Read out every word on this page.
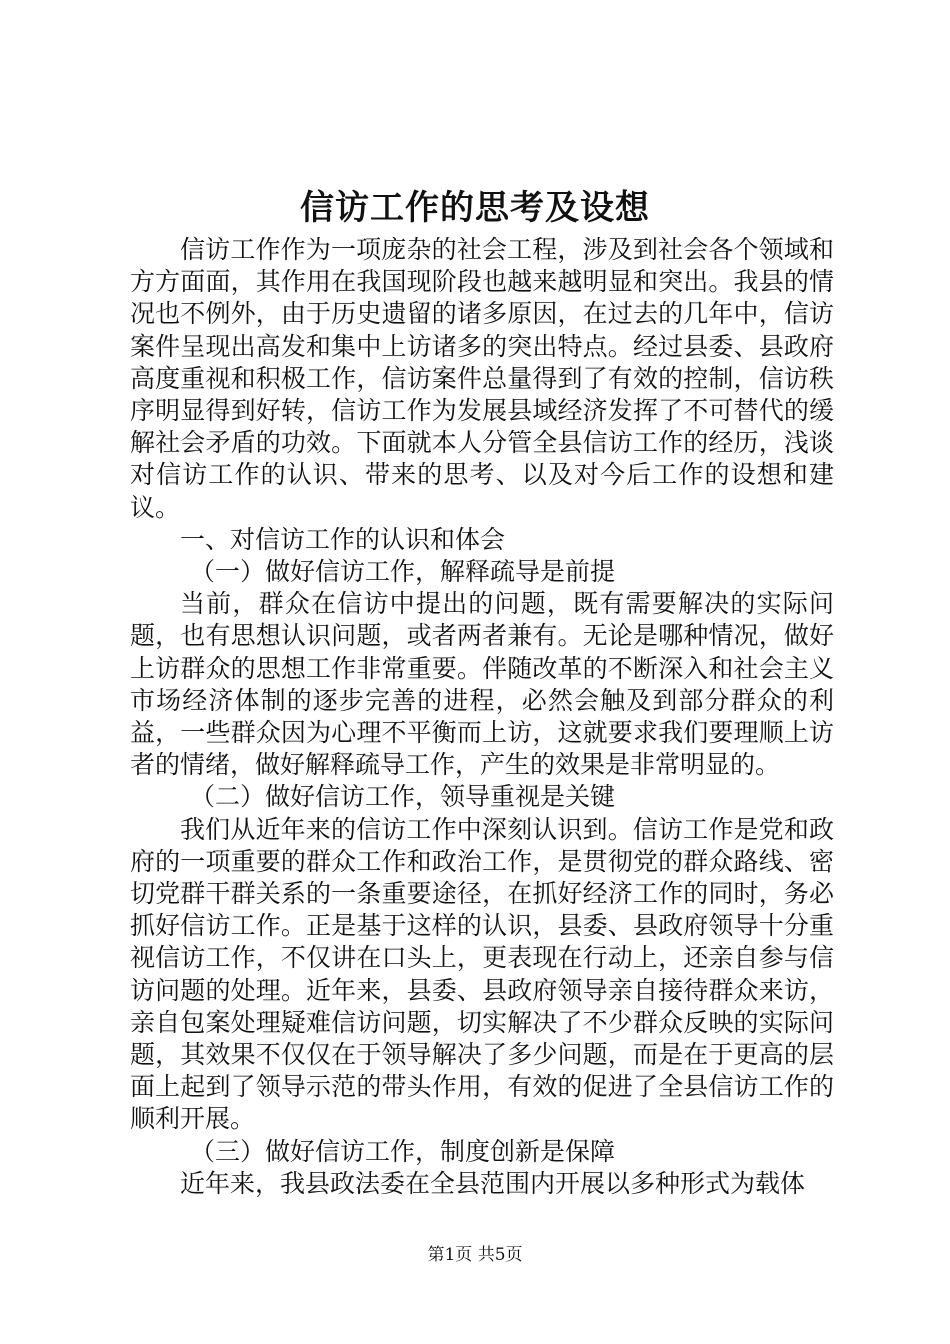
信访工作的思考及设想

信访工作作为一项庞杂的社会工程，涉及到社会各个领域和方方面面，其作用在我国现阶段也越来越明显和突出。我县的情况也不例外，由于历史遗留的诸多原因，在过去的几年中，信访案件呈现出高发和集中上访诸多的突出特点。经过县委、县政府高度重视和积极工作，信访案件总量得到了有效的控制，信访秩序明显得到好转，信访工作为发展县域经济发挥了不可替代的缓解社会矛盾的功效。下面就本人分管全县信访工作的经历，浅谈对信访工作的认识、带来的思考、以及对今后工作的设想和建议。

一、对信访工作的认识和体会

（一）做好信访工作，解释疏导是前提

当前，群众在信访中提出的问题，既有需要解决的实际问题，也有思想认识问题，或者两者兼有。无论是哪种情况，做好上访群众的思想工作非常重要。伴随改革的不断深入和社会主义市场经济体制的逐步完善的进程，必然会触及到部分群众的利益，一些群众因为心理不平衡而上访，这就要求我们要理顺上访者的情绪，做好解释疏导工作，产生的效果是非常明显的。

（二）做好信访工作，领导重视是关键

我们从近年来的信访工作中深刻认识到。信访工作是党和政府的一项重要的群众工作和政治工作，是贯彻党的群众路线、密切党群干群关系的一条重要途径，在抓好经济工作的同时，务必抓好信访工作。正是基于这样的认识，县委、县政府领导十分重视信访工作，不仅讲在口头上，更表现在行动上，还亲自参与信访问题的处理。近年来，县委、县政府领导亲自接待群众来访，亲自包案处理疑难信访问题，切实解决了不少群众反映的实际问题，其效果不仅仅在于领导解决了多少问题，而是在于更高的层面上起到了领导示范的带头作用，有效的促进了全县信访工作的顺利开展。

（三）做好信访工作，制度创新是保障

近年来，我县政法委在全县范围内开展以多种形式为载体

第1页 共5页
